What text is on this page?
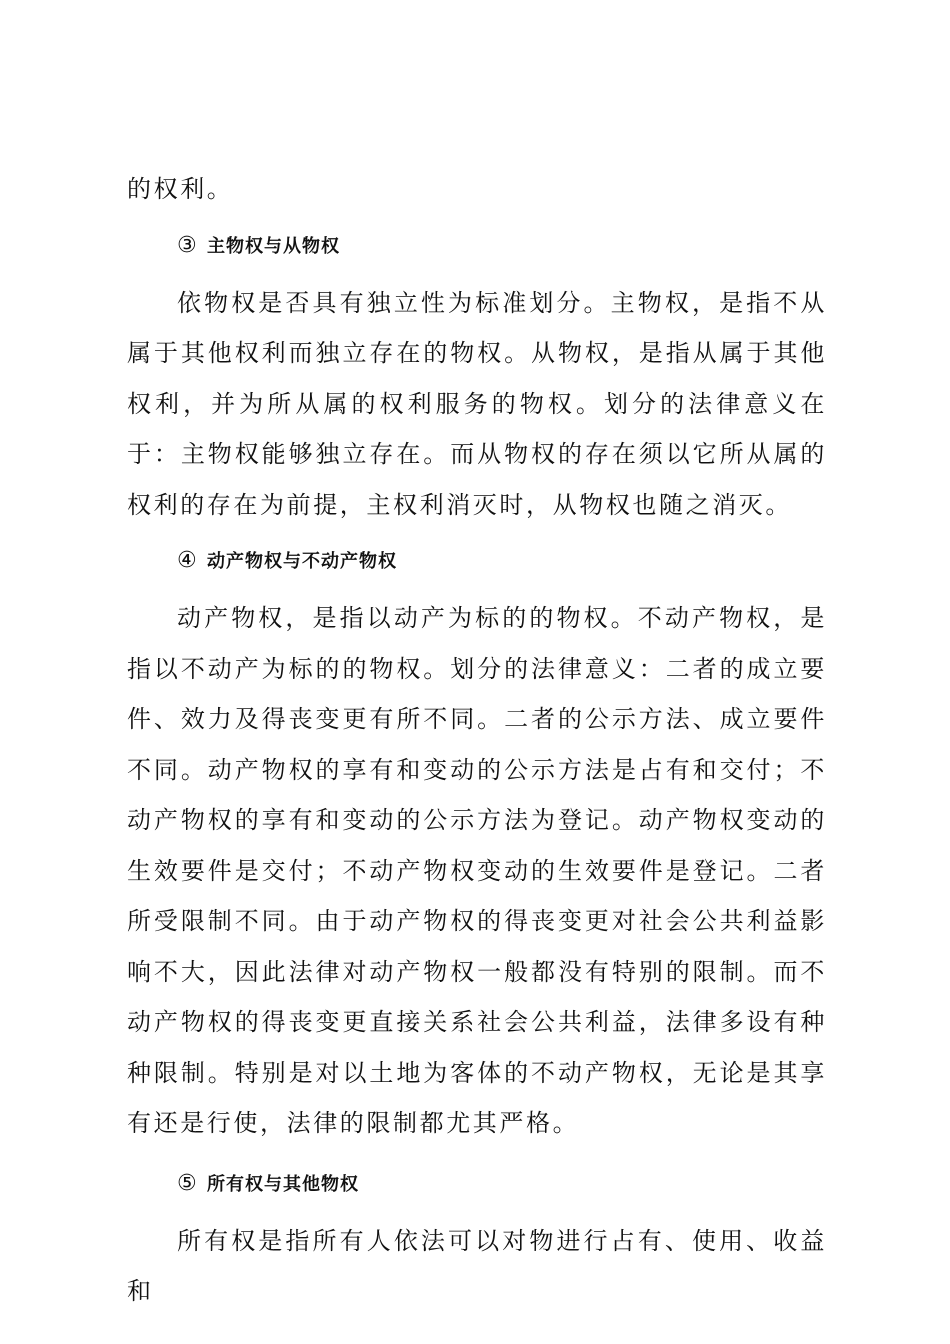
的权利。

③ 主物权与从物权

依物权是否具有独立性为标准划分。主物权，是指不从属于其他权利而独立存在的物权。从物权，是指从属于其他权利，并为所从属的权利服务的物权。划分的法律意义在于：主物权能够独立存在。而从物权的存在须以它所从属的权利的存在为前提，主权利消灭时，从物权也随之消灭。

④ 动产物权与不动产物权

动产物权，是指以动产为标的的物权。不动产物权，是指以不动产为标的的物权。划分的法律意义：二者的成立要件、效力及得丧变更有所不同。二者的公示方法、成立要件不同。动产物权的享有和变动的公示方法是占有和交付；不动产物权的享有和变动的公示方法为登记。动产物权变动的生效要件是交付；不动产物权变动的生效要件是登记。二者所受限制不同。由于动产物权的得丧变更对社会公共利益影响不大，因此法律对动产物权一般都没有特别的限制。而不动产物权的得丧变更直接关系社会公共利益，法律多设有种种限制。特别是对以土地为客体的不动产物权，无论是其享有还是行使，法律的限制都尤其严格。

⑤ 所有权与其他物权

所有权是指所有人依法可以对物进行占有、使用、收益和
